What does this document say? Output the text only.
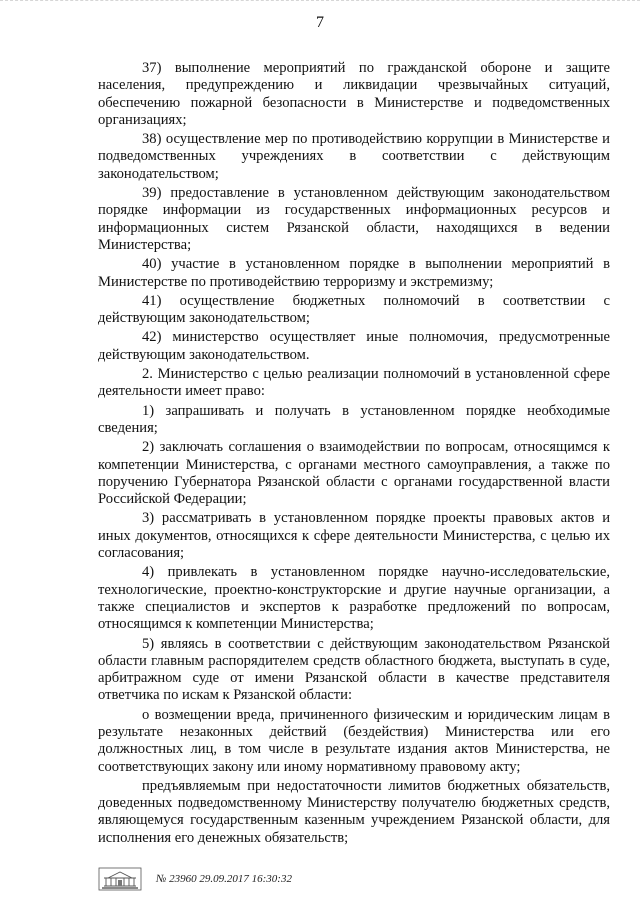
7

37) выполнение мероприятий по гражданской обороне и защите населения, предупреждению и ликвидации чрезвычайных ситуаций, обеспечению пожарной безопасности в Министерстве и подведомственных организациях;

38) осуществление мер по противодействию коррупции в Министерстве и подведомственных учреждениях в соответствии с действующим законодательством;

39) предоставление в установленном действующим законодательством порядке информации из государственных информационных ресурсов и информационных систем Рязанской области, находящихся в ведении Министерства;

40) участие в установленном порядке в выполнении мероприятий в Министерстве по противодействию терроризму и экстремизму;

41) осуществление бюджетных полномочий в соответствии с действующим законодательством;

42) министерство осуществляет иные полномочия, предусмотренные действующим законодательством.

2. Министерство с целью реализации полномочий в установленной сфере деятельности имеет право:

1) запрашивать и получать в установленном порядке необходимые сведения;

2) заключать соглашения о взаимодействии по вопросам, относящимся к компетенции Министерства, с органами местного самоуправления, а также по поручению Губернатора Рязанской области с органами государственной власти Российской Федерации;

3) рассматривать в установленном порядке проекты правовых актов и иных документов, относящихся к сфере деятельности Министерства, с целью их согласования;

4) привлекать в установленном порядке научно-исследовательские, технологические, проектно-конструкторские и другие научные организации, а также специалистов и экспертов к разработке предложений по вопросам, относящимся к компетенции Министерства;

5) являясь в соответствии с действующим законодательством Рязанской области главным распорядителем средств областного бюджета, выступать в суде, арбитражном суде от имени Рязанской области в качестве представителя ответчика по искам к Рязанской области:

о возмещении вреда, причиненного физическим и юридическим лицам в результате незаконных действий (бездействия) Министерства или его должностных лиц, в том числе в результате издания актов Министерства, не соответствующих закону или иному нормативному правовому акту;

предъявляемым при недостаточности лимитов бюджетных обязательств, доведенных подведомственному Министерству получателю бюджетных средств, являющемуся государственным казенным учреждением Рязанской области, для исполнения его денежных обязательств;

№ 23960 29.09.2017 16:30:32
